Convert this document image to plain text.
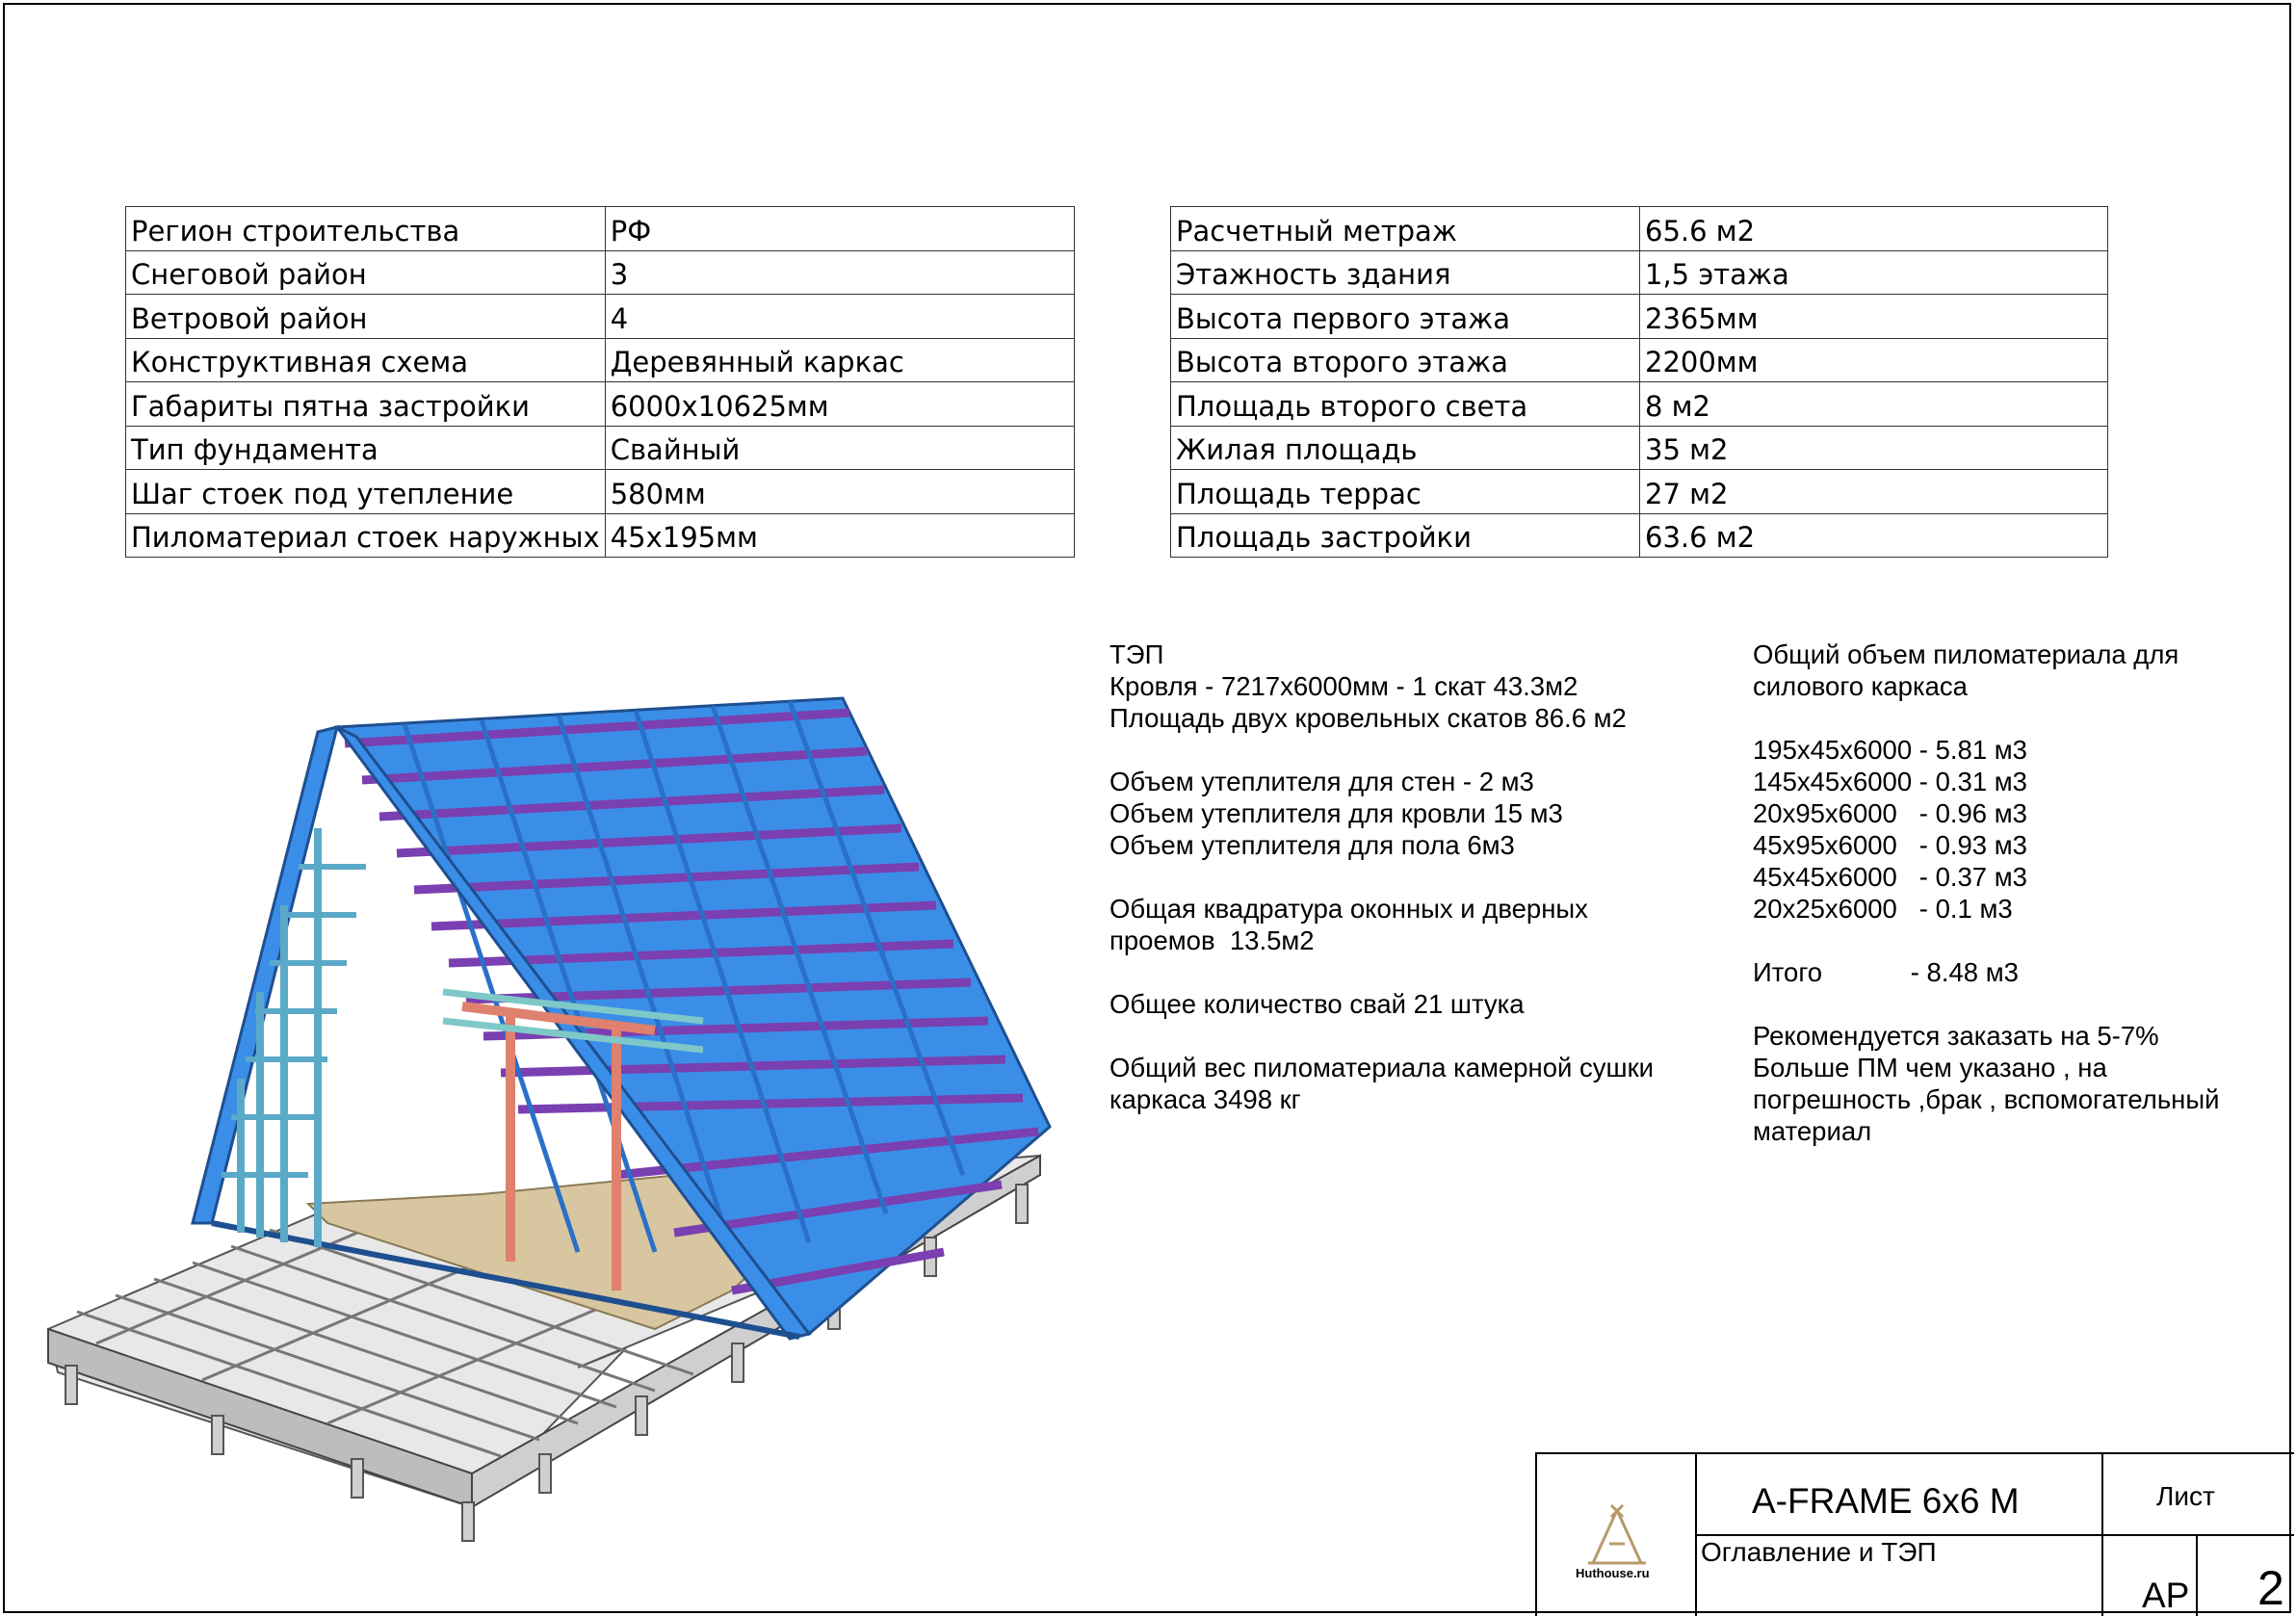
Регион строительства	РФ
Снеговой район	3
Ветровой район	4
Конструктивная схема	Деревянный каркас
Габариты пятна застройки	6000x10625мм
Тип фундамента	Свайный
Шаг стоек под утепление	580мм
Пиломатериал стоек наружных	45x195мм
Расчетный метраж	65.6 м2
Этажность здания	1,5 этажа
Высота первого этажа	2365мм
Высота второго этажа	2200мм
Площадь второго света	8 м2
Жилая площадь	35 м2
Площадь террас	27 м2
Площадь застройки	63.6 м2
ТЭП
Кровля - 7217x6000мм - 1 скат 43.3м2
Площадь двух кровельных скатов 86.6 м2

Объем утеплителя для стен - 2 м3
Объем утеплителя для кровли 15 м3
Объем утеплителя для пола 6м3

Общая квадратура оконных и дверных
проемов  13.5м2

Общее количество свай 21 штука

Общий вес пиломатериала камерной сушки
каркаса 3498 кг
Общий объем пиломатериала для
силового каркаса

195x45x6000 - 5.81 м3
145x45x6000 - 0.31 м3
20x95x6000   - 0.96 м3
45x95x6000   - 0.93 м3
45x45x6000   - 0.37 м3
20x25x6000   - 0.1 м3

Итого            - 8.48 м3

Рекомендуется заказать на 5-7%
Больше ПМ чем указано , на
погрешность ,брак , вспомогательный
материал
Huthouse.ru
A-FRAME 6x6 M
Оглавление и ТЭП
Лист
АР 2
